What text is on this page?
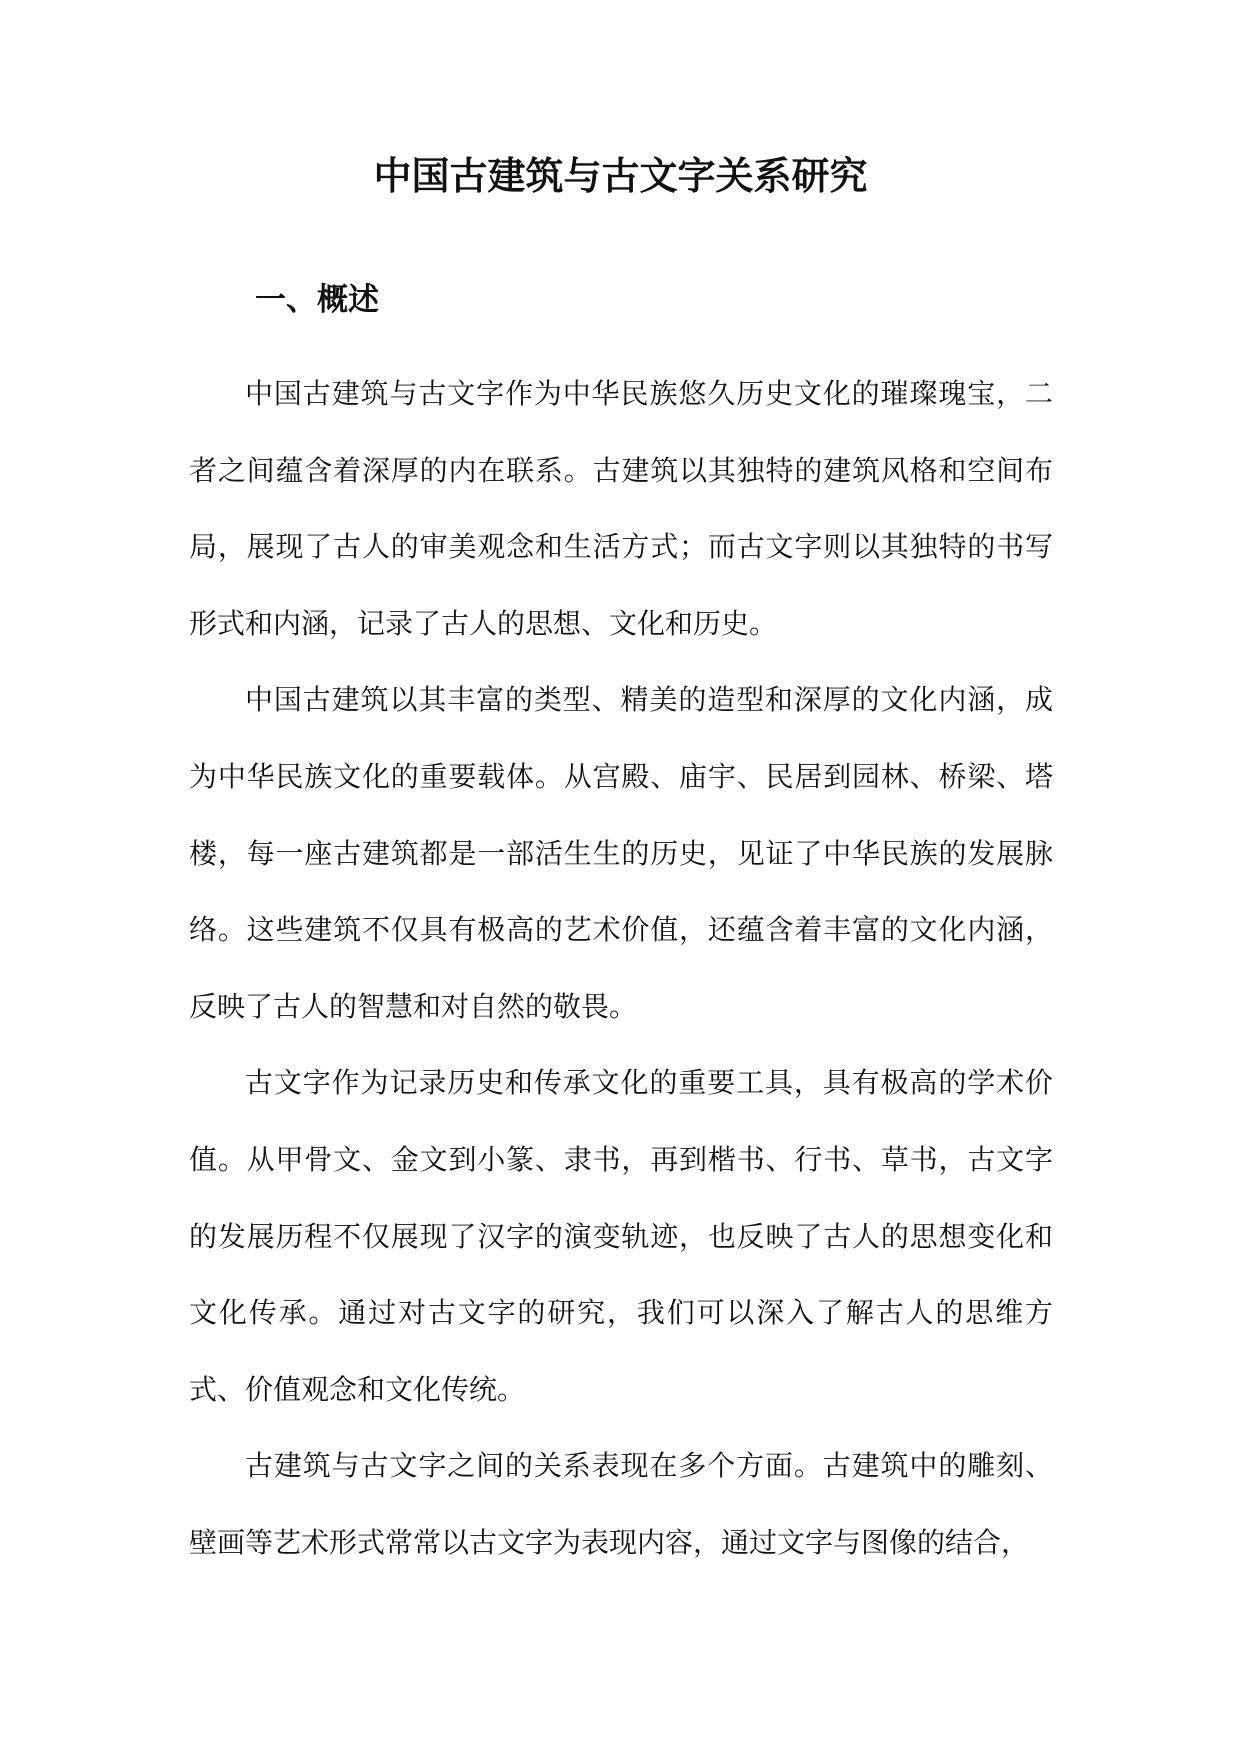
中国古建筑与古文字关系研究
一、概述

中国古建筑与古文字作为中华民族悠久历史文化的璀璨瑰宝，二者之间蕴含着深厚的内在联系。古建筑以其独特的建筑风格和空间布局，展现了古人的审美观念和生活方式；而古文字则以其独特的书写形式和内涵，记录了古人的思想、文化和历史。

中国古建筑以其丰富的类型、精美的造型和深厚的文化内涵，成为中华民族文化的重要载体。从宫殿、庙宇、民居到园林、桥梁、塔楼，每一座古建筑都是一部活生生的历史，见证了中华民族的发展脉络。这些建筑不仅具有极高的艺术价值，还蕴含着丰富的文化内涵，反映了古人的智慧和对自然的敬畏。

古文字作为记录历史和传承文化的重要工具，具有极高的学术价值。从甲骨文、金文到小篆、隶书，再到楷书、行书、草书，古文字的发展历程不仅展现了汉字的演变轨迹，也反映了古人的思想变化和文化传承。通过对古文字的研究，我们可以深入了解古人的思维方式、价值观念和文化传统。

古建筑与古文字之间的关系表现在多个方面。古建筑中的雕刻、壁画等艺术形式常常以古文字为表现内容，通过文字与图像的结合，
